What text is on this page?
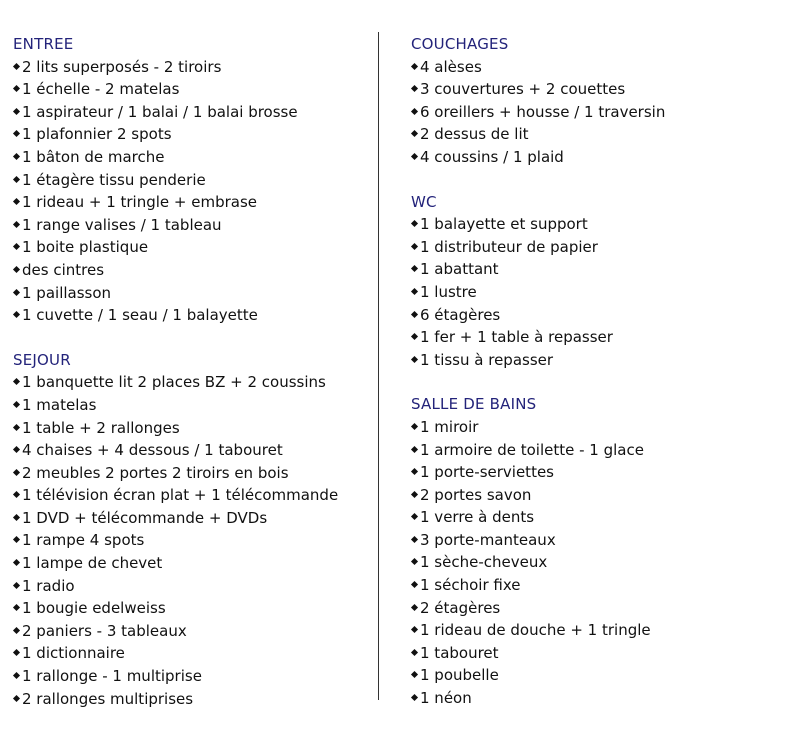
ENTREE
2 lits superposés - 2 tiroirs
1 échelle - 2 matelas
1 aspirateur / 1 balai / 1 balai brosse
1 plafonnier 2 spots
1 bâton de marche
1 étagère tissu penderie
1 rideau + 1 tringle + embrase
1 range valises / 1 tableau
1 boite plastique
des cintres
1 paillasson
1 cuvette / 1 seau / 1 balayette
SEJOUR
1 banquette lit 2 places BZ + 2 coussins
1 matelas
1 table + 2 rallonges
4 chaises + 4 dessous / 1 tabouret
2 meubles 2 portes 2 tiroirs en bois
1 télévision écran plat + 1 télécommande
1 DVD + télécommande + DVDs
1 rampe 4 spots
1 lampe de chevet
1 radio
1 bougie edelweiss
2 paniers - 3 tableaux
1 dictionnaire
1 rallonge - 1 multiprise
2 rallonges multiprises
COUCHAGES
4 alèses
3 couvertures + 2 couettes
6 oreillers + housse / 1 traversin
2 dessus de lit
4 coussins / 1 plaid
WC
1 balayette et support
1 distributeur de papier
1 abattant
1 lustre
6 étagères
1 fer + 1 table à repasser
1 tissu à repasser
SALLE DE BAINS
1 miroir
1 armoire de toilette - 1 glace
1 porte-serviettes
2 portes savon
1 verre à dents
3 porte-manteaux
1 sèche-cheveux
1 séchoir fixe
2 étagères
1 rideau de douche + 1 tringle
1 tabouret
1 poubelle
1 néon
